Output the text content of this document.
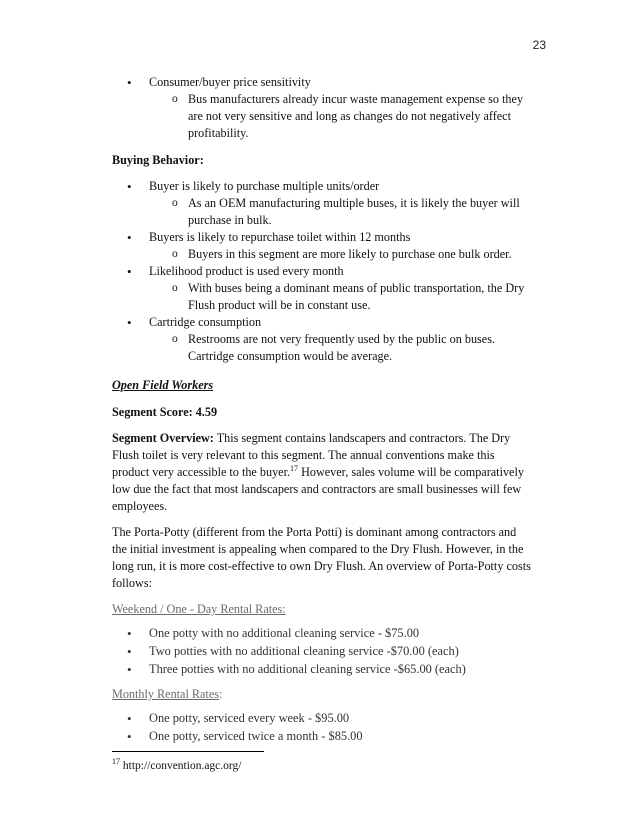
23
• Consumer/buyer price sensitivity
o Bus manufacturers already incur waste management expense so they
are not very sensitive and long as changes do not negatively affect
profitability.
Buying Behavior:
• Buyer is likely to purchase multiple units/order
o As an OEM manufacturing multiple buses, it is likely the buyer will
purchase in bulk.
• Buyers is likely to repurchase toilet within 12 months
o Buyers in this segment are more likely to purchase one bulk order.
• Likelihood product is used every month
o With buses being a dominant means of public transportation, the Dry
Flush product will be in constant use.
• Cartridge consumption
o Restrooms are not very frequently used by the public on buses.
Cartridge consumption would be average.
Open Field Workers
Segment Score: 4.59
Segment Overview: This segment contains landscapers and contractors. The Dry
Flush toilet is very relevant to this segment. The annual conventions make this
product very accessible to the buyer.$^{17}$ However, sales volume will be comparatively
low due the fact that most landscapers and contractors are small businesses will few
employees.
The Porta-Potty (different from the Porta Potti) is dominant among contractors and
the initial investment is appealing when compared to the Dry Flush. However, in the
long run, it is more cost-effective to own Dry Flush. An overview of Porta-Potty costs
follows:
Weekend / One - Day Rental Rates:
• One potty with no additional cleaning service - $75.00
• Two potties with no additional cleaning service -$70.00 (each)
• Three potties with no additional cleaning service -$65.00 (each)
Monthly Rental Rates:
• One potty, serviced every week - $95.00
• One potty, serviced twice a month - $85.00
$^{17}$ http://convention.agc.org/
